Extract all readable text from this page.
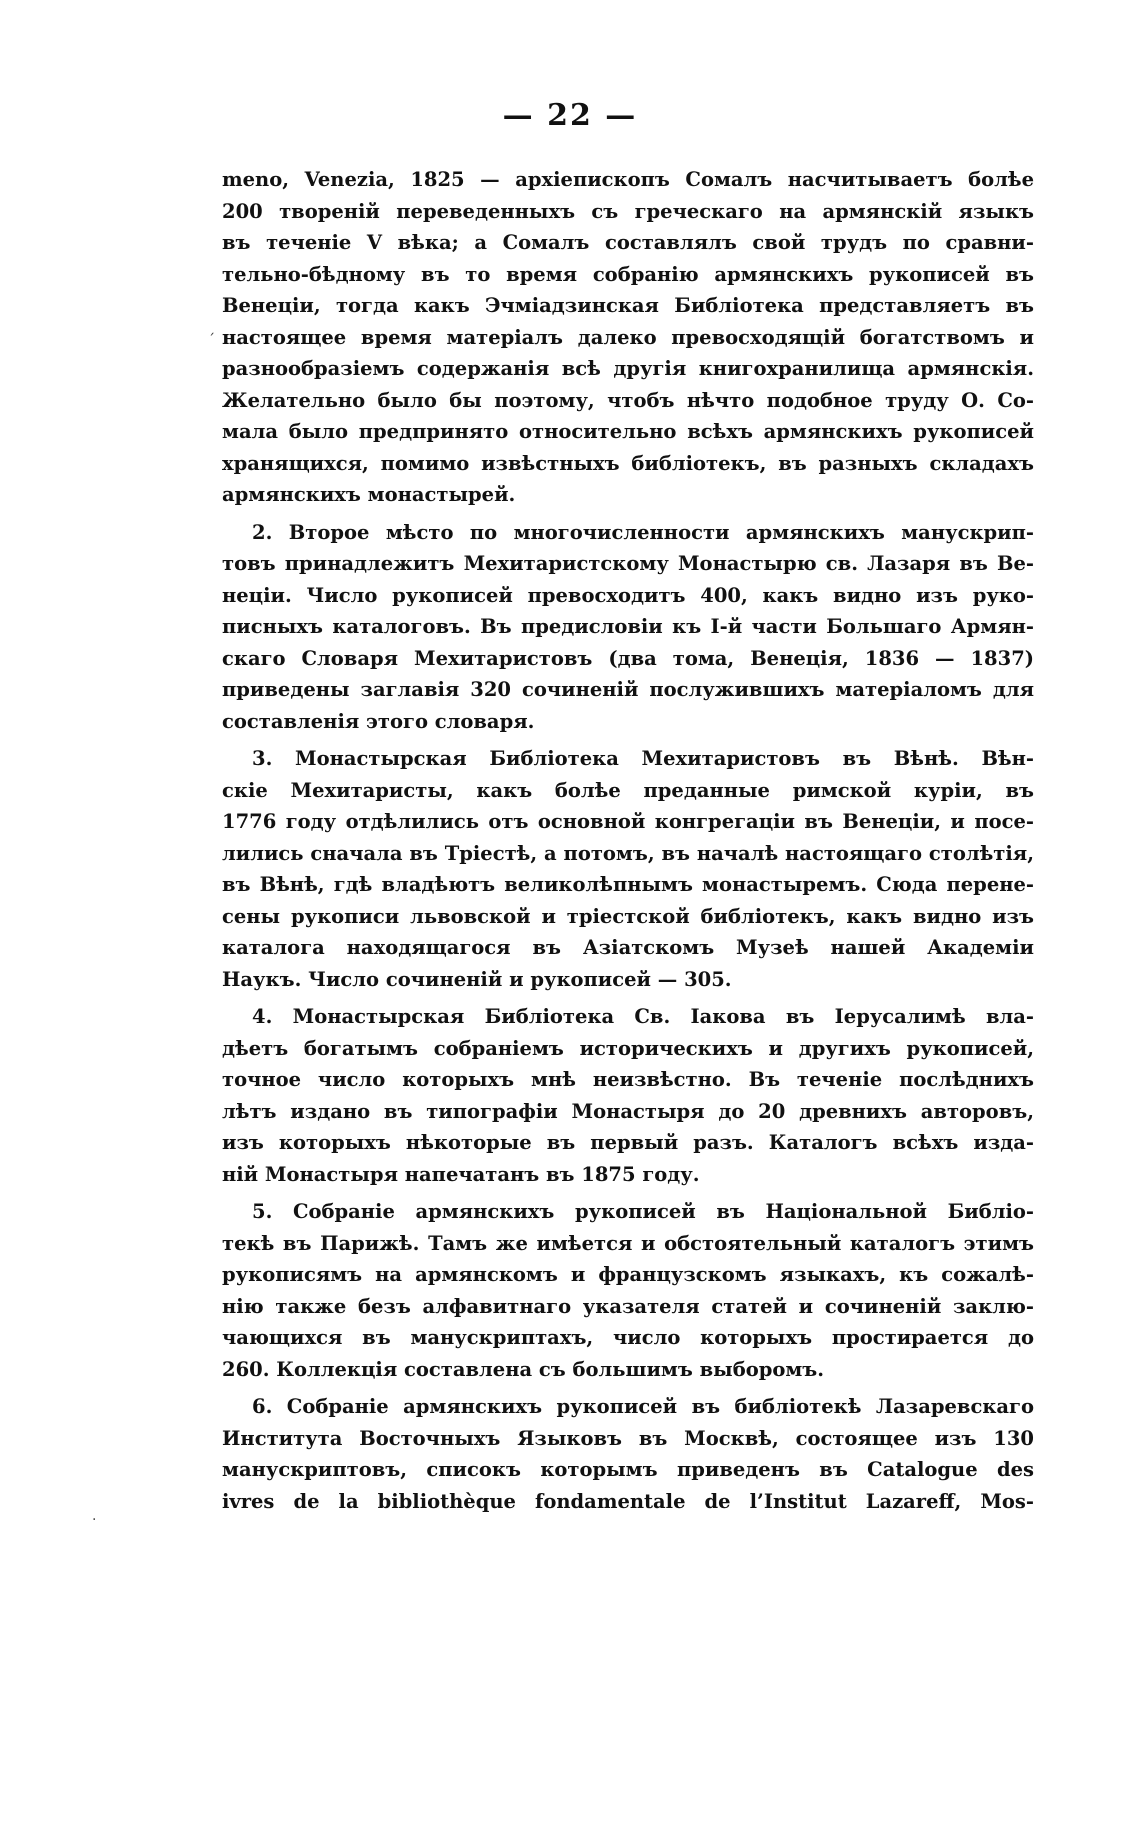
— 22 —
meno, Venezia, 1825 — архіепископъ Сомалъ насчитываетъ болѣе
200 твореній переведенныхъ съ греческаго на армянскій языкъ
въ теченіе V вѣка; а Сомалъ составлялъ свой трудъ по сравни-
тельно-бѣдному въ то время собранію армянскихъ рукописей въ
Венеціи, тогда какъ Эчміадзинская Библіотека представляетъ въ
настоящее время матеріалъ далеко превосходящій богатствомъ и
разнообразіемъ содержанія всѣ другія книгохранилища армянскія.
Желательно было бы поэтому, чтобъ нѣчто подобное труду О. Со-
мала было предпринято относительно всѣхъ армянскихъ рукописей
хранящихся, помимо извѣстныхъ библіотекъ, въ разныхъ складахъ
армянскихъ монастырей.
2. Второе мѣсто по многочисленности армянскихъ манускрип-
товъ принадлежитъ Мехитаристскому Монастырю св. Лазаря въ Ве-
неціи. Число рукописей превосходитъ 400, какъ видно изъ руко-
писныхъ каталоговъ. Въ предисловіи къ І-й части Большаго Армян-
скаго Словаря Мехитаристовъ (два тома, Венеція, 1836 — 1837)
приведены заглавія 320 сочиненій послужившихъ матеріаломъ для
составленія этого словаря.
3. Монастырская Библіотека Мехитаристовъ въ Вѣнѣ. Вѣн-
скіе Мехитаристы, какъ болѣе преданные римской куріи, въ
1776 году отдѣлились отъ основной конгрегаціи въ Венеціи, и посе-
лились сначала въ Тріестѣ, а потомъ, въ началѣ настоящаго столѣтія,
въ Вѣнѣ, гдѣ владѣютъ великолѣпнымъ монастыремъ. Сюда перене-
сены рукописи львовской и тріестской библіотекъ, какъ видно изъ
каталога находящагося въ Азіатскомъ Музеѣ нашей Академіи
Наукъ. Число сочиненій и рукописей — 305.
4. Монастырская Библіотека Св. Іакова въ Іерусалимѣ вла-
дѣетъ богатымъ собраніемъ историческихъ и другихъ рукописей,
точное число которыхъ мнѣ неизвѣстно. Въ теченіе послѣднихъ
лѣтъ издано въ типографіи Монастыря до 20 древнихъ авторовъ,
изъ которыхъ нѣкоторые въ первый разъ. Каталогъ всѣхъ изда-
ній Монастыря напечатанъ въ 1875 году.
5. Собраніе армянскихъ рукописей въ Національной Библіо-
текѣ въ Парижѣ. Тамъ же имѣется и обстоятельный каталогъ этимъ
рукописямъ на армянскомъ и французскомъ языкахъ, къ сожалѣ-
нію также безъ алфавитнаго указателя статей и сочиненій заклю-
чающихся въ манускриптахъ, число которыхъ простирается до
260. Коллекція составлена съ большимъ выборомъ.
6. Собраніе армянскихъ рукописей въ библіотекѣ Лазаревскаго
Института Восточныхъ Языковъ въ Москвѣ, состоящее изъ 130
манускриптовъ, списокъ которымъ приведенъ въ Catalogue des
ivres de la bibliothèque fondamentale de l’Institut Lazareff, Mos-
ˏ
·
